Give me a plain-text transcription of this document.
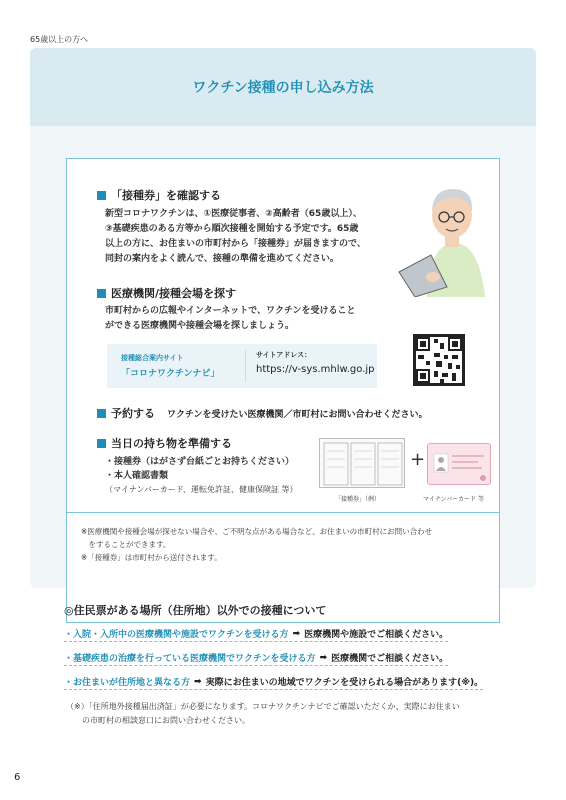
65歳以上の方へ
ワクチン接種の申し込み方法
「接種券」を確認する
新型コロナワクチンは、①医療従事者、②高齢者（65歳以上）、
③基礎疾患のある方等から順次接種を開始する予定です。65歳
以上の方に、お住まいの市町村から「接種券」が届きますので、
同封の案内をよく読んで、接種の準備を進めてください。
医療機関/接種会場を探す
市町村からの広報やインターネットで、ワクチンを受けること
ができる医療機関や接種会場を探しましょう。
接種総合案内サイト
「コロナワクチンナビ」
サイトアドレス：
https://v-sys.mhlw.go.jp
予約する ワクチンを受けたい医療機関／市町村にお問い合わせください。
当日の持ち物を準備する
・接種券（はがさず台紙ごとお持ちください）
・本人確認書類
（マイナンバーカード、運転免許証、健康保険証 等）
+
「接種券」（例）	マイナンバーカード 等
※医療機関や接種会場が探せない場合や、ご不明な点がある場合など、お住まいの市町村にお問い合わせ
　をすることができます。
※「接種券」は市町村から送付されます。
◎住民票がある場所（住所地）以外での接種について
・入院・入所中の医療機関や施設でワクチンを受ける方 ➡ 医療機関や施設でご相談ください。
・基礎疾患の治療を行っている医療機関でワクチンを受ける方 ➡ 医療機関でご相談ください。
・お住まいが住所地と異なる方 ➡ 実際にお住まいの地域でワクチンを受けられる場合があります(※)。
（※）「住所地外接種届出済証」が必要になります。コロナワクチンナビでご確認いただくか、実際にお住まい
　　の市町村の相談窓口にお問い合わせください。
6
